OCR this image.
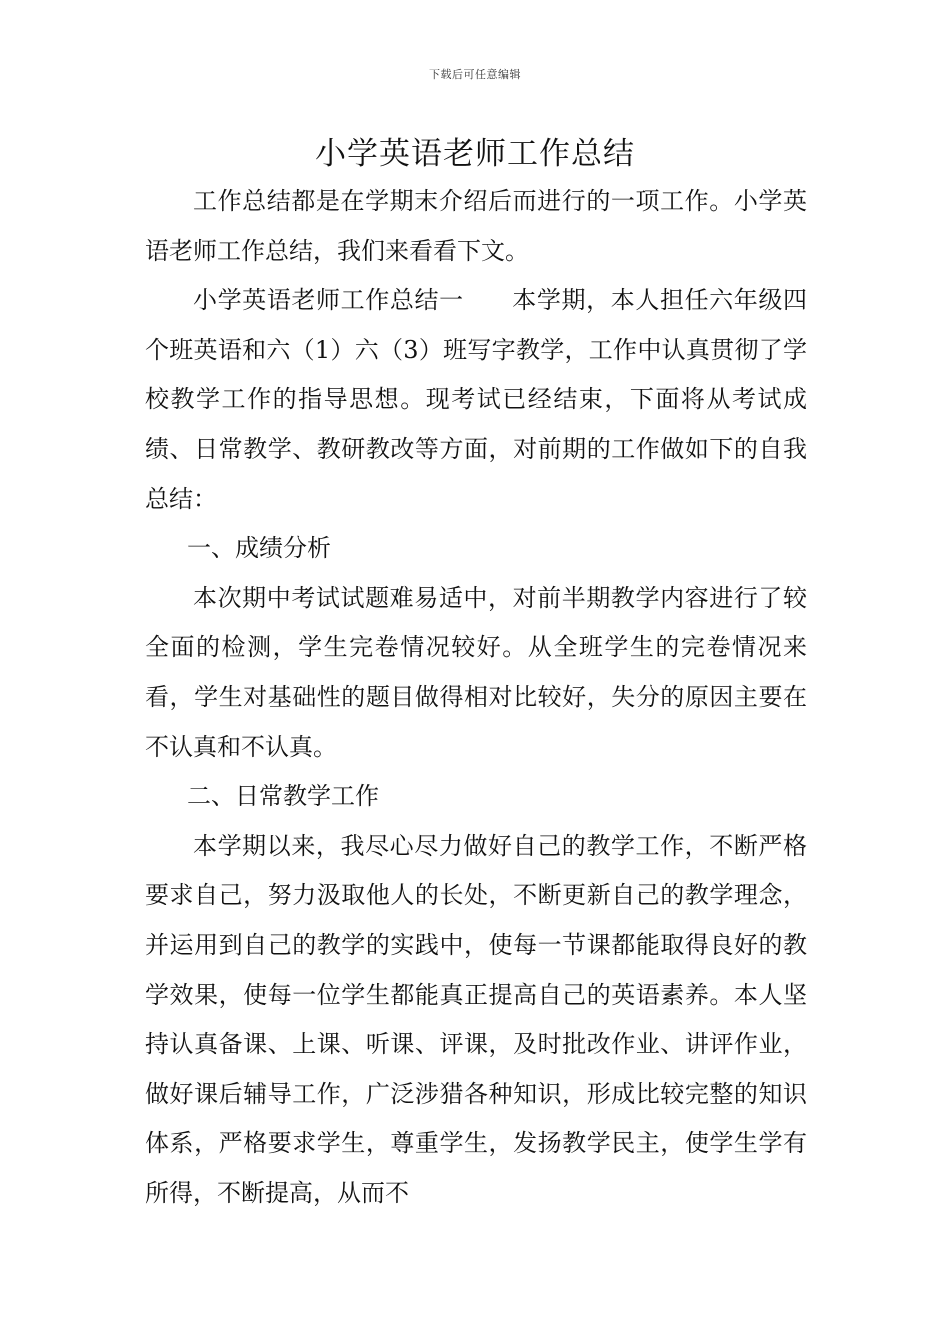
下载后可任意编辑
小学英语老师工作总结

工作总结都是在学期末介绍后而进行的一项工作。小学英语老师工作总结，我们来看看下文。

小学英语老师工作总结一 本学期，本人担任六年级四个班英语和六（1）六（3）班写字教学，工作中认真贯彻了学校教学工作的指导思想。现考试已经结束，下面将从考试成绩、日常教学、教研教改等方面，对前期的工作做如下的自我总结：

一、成绩分析

本次期中考试试题难易适中，对前半期教学内容进行了较全面的检测，学生完卷情况较好。从全班学生的完卷情况来看，学生对基础性的题目做得相对比较好，失分的原因主要在不认真和不认真。

二、日常教学工作

本学期以来，我尽心尽力做好自己的教学工作，不断严格要求自己，努力汲取他人的长处，不断更新自己的教学理念，并运用到自己的教学的实践中，使每一节课都能取得良好的教学效果，使每一位学生都能真正提高自己的英语素养。本人坚持认真备课、上课、听课、评课，及时批改作业、讲评作业，做好课后辅导工作，广泛涉猎各种知识，形成比较完整的知识体系，严格要求学生，尊重学生，发扬教学民主，使学生学有所得，不断提高，从而不
